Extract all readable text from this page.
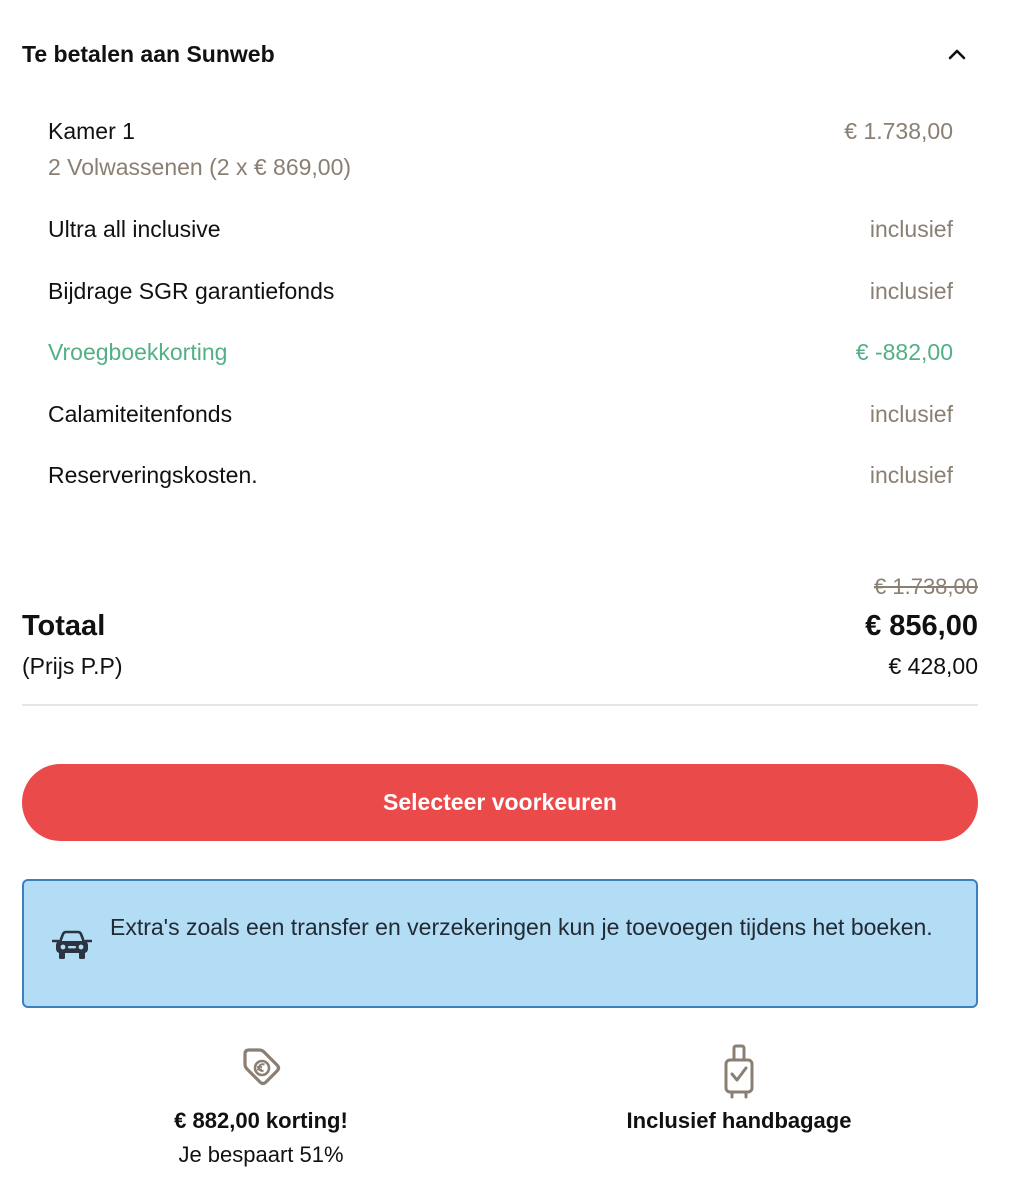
Te betalen aan Sunweb
Kamer 1	€ 1.738,00
2 Volwassenen (2 x € 869,00)
Ultra all inclusive	inclusief
Bijdrage SGR garantiefonds	inclusief
Vroegboekkorting	€ -882,00
Calamiteitenfonds	inclusief
Reserveringskosten.	inclusief
€ 1.738,00
Totaal	€ 856,00
(Prijs P.P)	€ 428,00
Selecteer voorkeuren
Extra's zoals een transfer en verzekeringen kun je toevoegen tijdens het boeken.
€ 882,00 korting!
Je bespaart 51%
Inclusief handbagage
